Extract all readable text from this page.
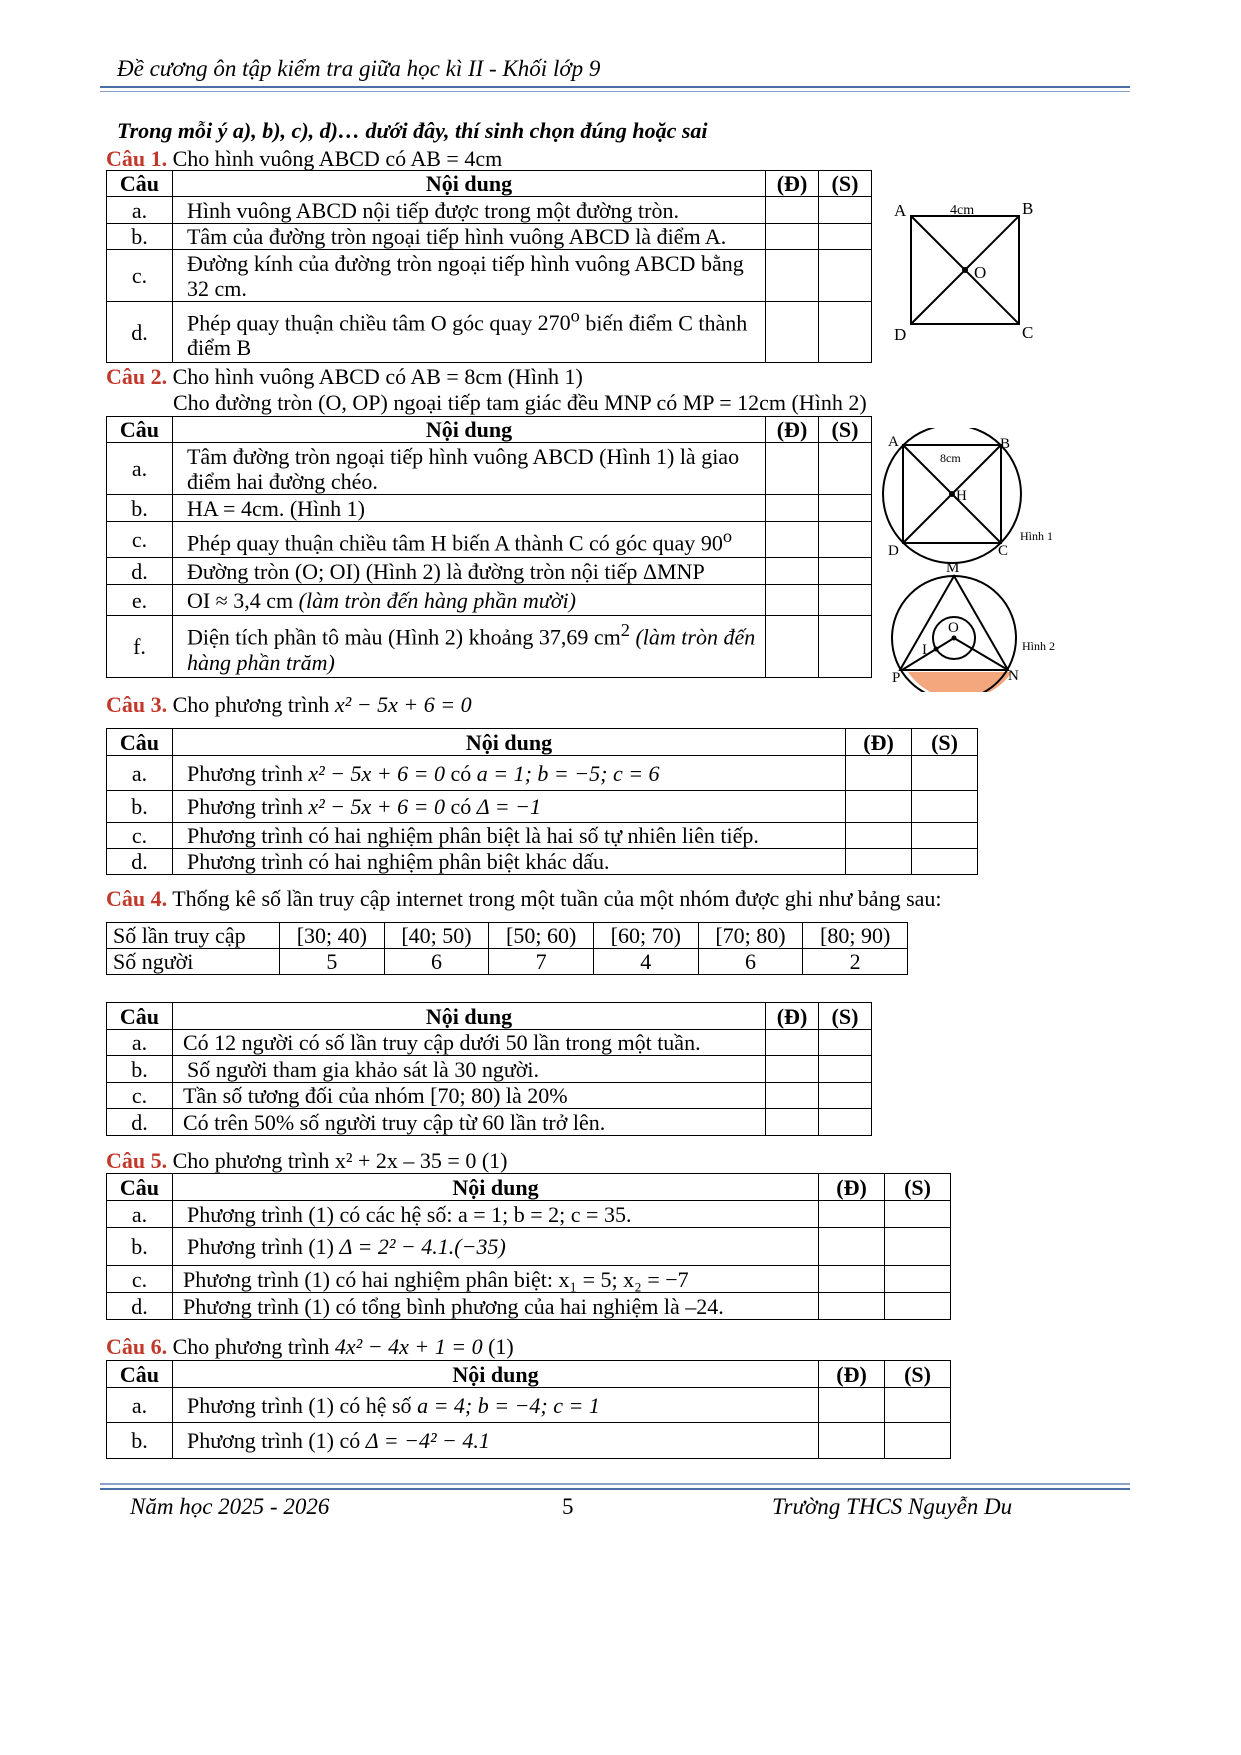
Đề cương ôn tập kiểm tra giữa học kì II - Khối lớp 9
Trong mỗi ý a), b), c), d)… dưới đây, thí sinh chọn đúng hoặc sai
Câu 1. Cho hình vuông ABCD có AB = 4cm
Câu	Nội dung	(Đ)	(S)
a.	Hình vuông ABCD nội tiếp được trong một đường tròn.		
b.	Tâm của đường tròn ngoại tiếp hình vuông ABCD là điểm A.		
c.	Đường kính của đường tròn ngoại tiếp hình vuông ABCD bằng 32 cm.		
d.	Phép quay thuận chiều tâm O góc quay 270$^o$ biến điểm C thành điểm B		
A	B
C
D
O
4cm
Câu 2. Cho hình vuông ABCD có AB = 8cm (Hình 1)
Cho đường tròn (O, OP) ngoại tiếp tam giác đều MNP có MP = 12cm (Hình 2)
Câu	Nội dung	(Đ)	(S)
a.	Tâm đường tròn ngoại tiếp hình vuông ABCD (Hình 1) là giao điểm hai đường chéo.		
b.	HA = 4cm. (Hình 1)		
c.	Phép quay thuận chiều tâm H biến A thành C có góc quay 90$^o$		
d.	Đường tròn (O; OI) (Hình 2) là đường tròn nội tiếp ΔMNP		
e.	OI ≈ 3,4 cm (làm tròn đến hàng phần mười)		
f.	Diện tích phần tô màu (Hình 2) khoảng 37,69 $cm^2$ (làm tròn đến hàng phần trăm)		
A	B
C
D
H
8cm
Hình 1
M
N
P
O
I	Hình 2
Câu 3. Cho phương trình x² − 5x + 6 = 0
Câu	Nội dung	(Đ)	(S)
a.	Phương trình x² − 5x + 6 = 0 có a = 1; b = −5; c = 6		
b.	Phương trình x² − 5x + 6 = 0 có Δ = −1		
c.	Phương trình có hai nghiệm phân biệt là hai số tự nhiên liên tiếp.		
d.	Phương trình có hai nghiệm phân biệt khác dấu.		
Câu 4. Thống kê số lần truy cập internet trong một tuần của một nhóm được ghi như bảng sau:
Số lần truy cập	[30; 40)	[40; 50)	[50; 60)	[60; 70)	[70; 80)	[80; 90)
Số người	5	6	7	4	6	2
Câu	Nội dung	(Đ)	(S)
a.	Có 12 người có số lần truy cập dưới 50 lần trong một tuần.		
b.	Số người tham gia khảo sát là 30 người.		
c.	Tần số tương đối của nhóm [70; 80) là 20%		
d.	Có trên 50% số người truy cập từ 60 lần trở lên.		
Câu 5. Cho phương trình x² + 2x – 35 = 0 (1)
Câu	Nội dung	(Đ)	(S)
a.	Phương trình (1) có các hệ số: a = 1; b = 2; c = 35.		
b.	Phương trình (1) Δ = 2² − 4.1.(−35)		
c.	Phương trình (1) có hai nghiệm phân biệt: x₁ = 5; x₂ = −7		
d.	Phương trình (1) có tổng bình phương của hai nghiệm là –24.		
Câu 6. Cho phương trình 4x² − 4x + 1 = 0 (1)
Câu	Nội dung	(Đ)	(S)
a.	Phương trình (1) có hệ số a = 4; b = −4; c = 1		
b.	Phương trình (1) có Δ = −4² − 4.1		
Năm học 2025 - 2026	5	Trường THCS Nguyễn Du
